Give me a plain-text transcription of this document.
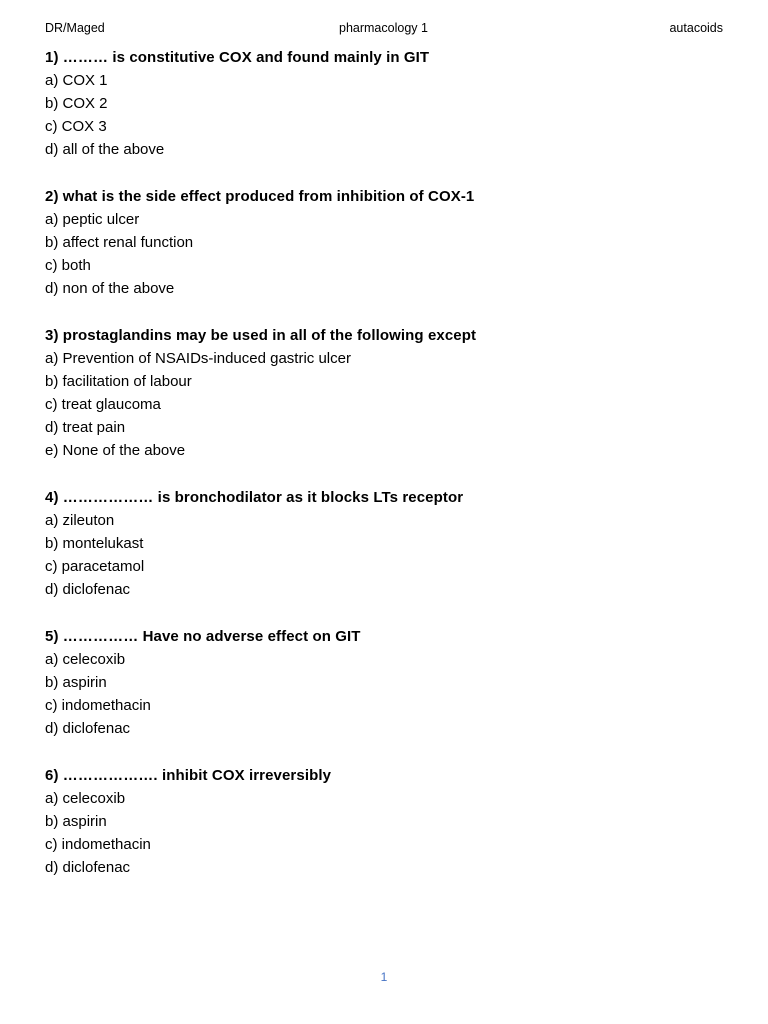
DR/Maged	pharmacology 1	autacoids
1) ……… is constitutive COX and found mainly in GIT
a) COX 1
b) COX 2
c) COX 3
d) all of the above
2) what is the side effect produced from inhibition of COX-1
a) peptic ulcer
b) affect renal function
c) both
d) non of the above
3) prostaglandins may be used in all of the following except
a) Prevention of NSAIDs-induced gastric ulcer
b) facilitation of labour
c) treat glaucoma
d) treat pain
e) None of the above
4) ……………… is bronchodilator as it blocks LTs receptor
a) zileuton
b) montelukast
c) paracetamol
d) diclofenac
5) …………… Have no adverse effect on GIT
a) celecoxib
b) aspirin
c) indomethacin
d) diclofenac
6) ………………. inhibit COX irreversibly
a) celecoxib
b) aspirin
c) indomethacin
d) diclofenac
1
